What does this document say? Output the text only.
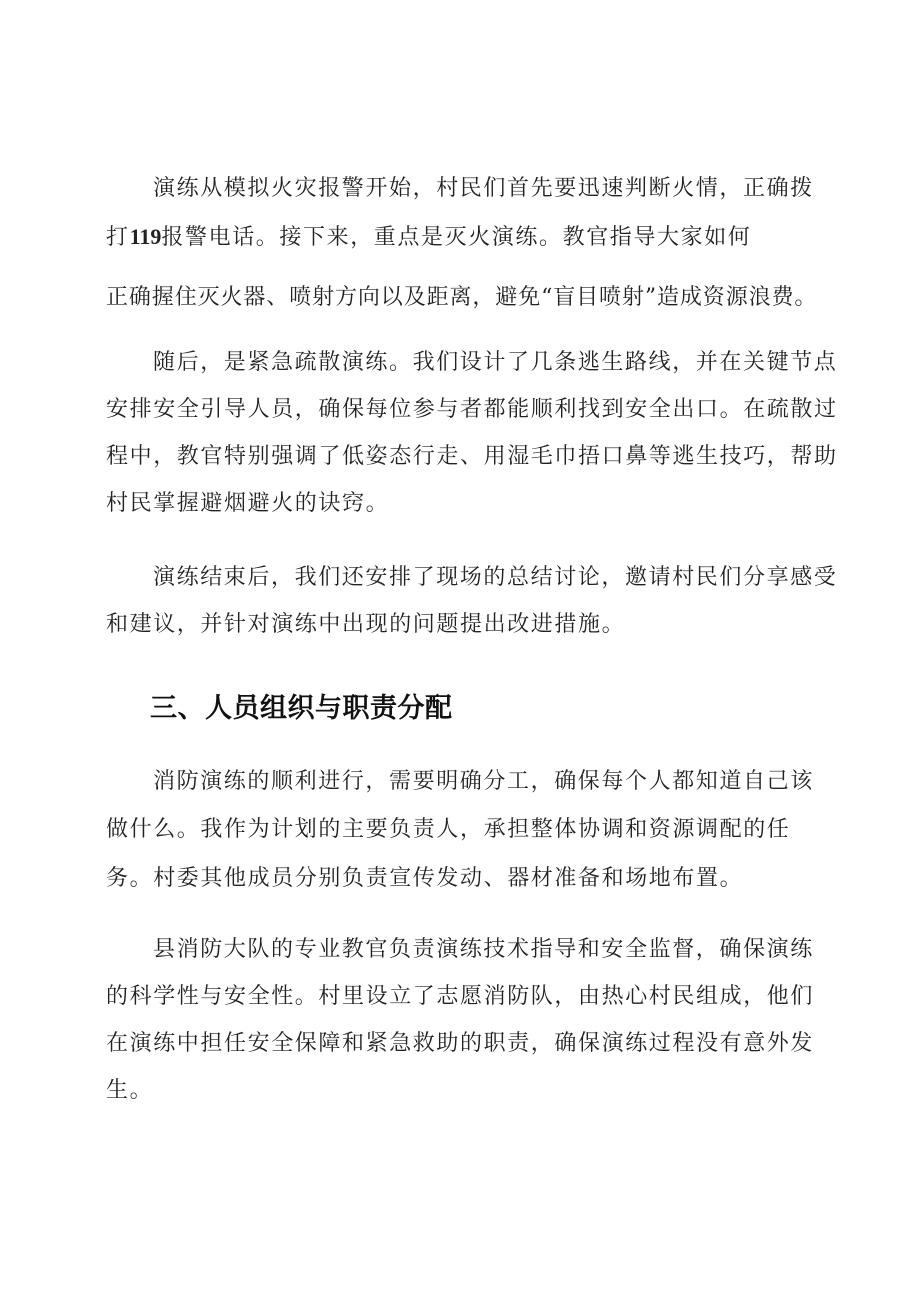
演练从模拟火灾报警开始，村民们首先要迅速判断火情，正确拨

打119报警电话。接下来，重点是灭火演练。教官指导大家如何

正确握住灭火器、喷射方向以及距离，避免“盲目喷射”造成资源浪费。

随后，是紧急疏散演练。我们设计了几条逃生路线，并在关键节点

安排安全引导人员，确保每位参与者都能顺利找到安全出口。在疏散过

程中，教官特别强调了低姿态行走、用湿毛巾捂口鼻等逃生技巧，帮助

村民掌握避烟避火的诀窍。

演练结束后，我们还安排了现场的总结讨论，邀请村民们分享感受

和建议，并针对演练中出现的问题提出改进措施。

三、人员组织与职责分配

消防演练的顺利进行，需要明确分工，确保每个人都知道自己该

做什么。我作为计划的主要负责人，承担整体协调和资源调配的任

务。村委其他成员分别负责宣传发动、器材准备和场地布置。

县消防大队的专业教官负责演练技术指导和安全监督，确保演练

的科学性与安全性。村里设立了志愿消防队，由热心村民组成，他们

在演练中担任安全保障和紧急救助的职责，确保演练过程没有意外发

生。
